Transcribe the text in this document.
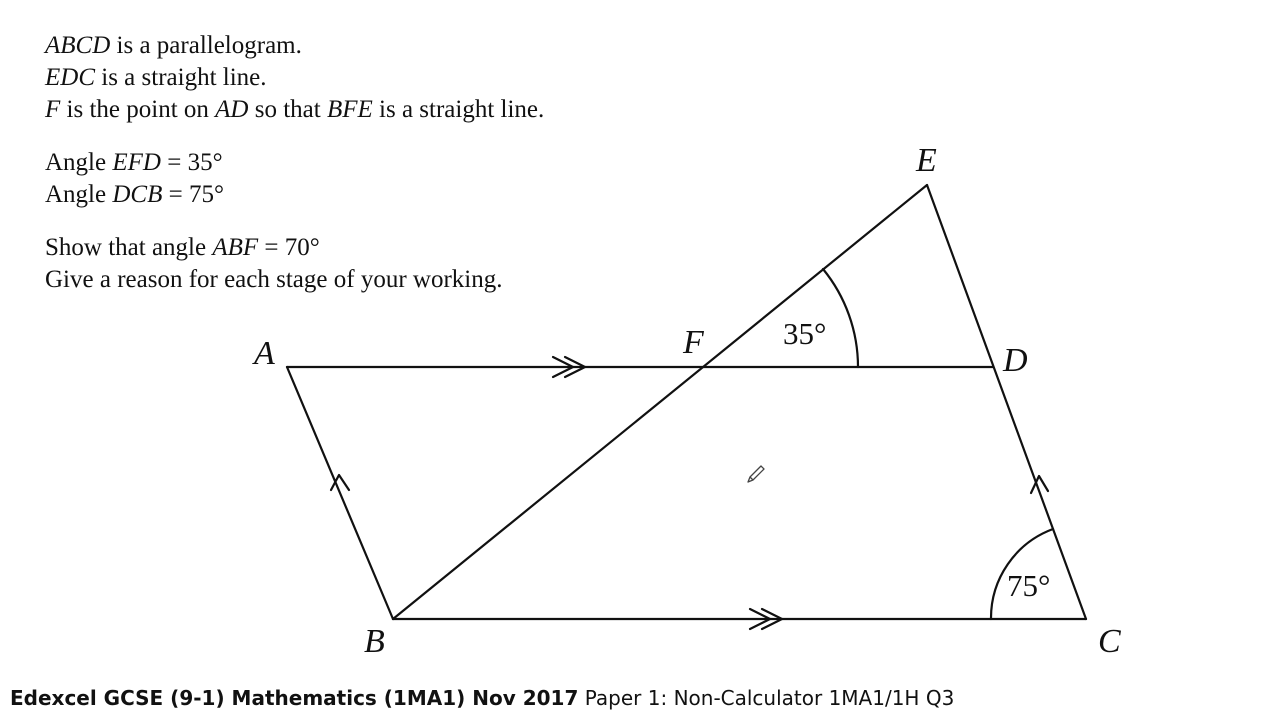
ABCD is a parallelogram.

EDC is a straight line.

F is the point on AD so that BFE is a straight line.

Angle EFD = 35°

Angle DCB = 75°

Show that angle ABF = 70°

Give a reason for each stage of your working.

A
B	C
D
E
F	35°
75°
Edexcel GCSE (9-1) Mathematics (1MA1) Nov 2017 Paper 1: Non-Calculator 1MA1/1H Q3
